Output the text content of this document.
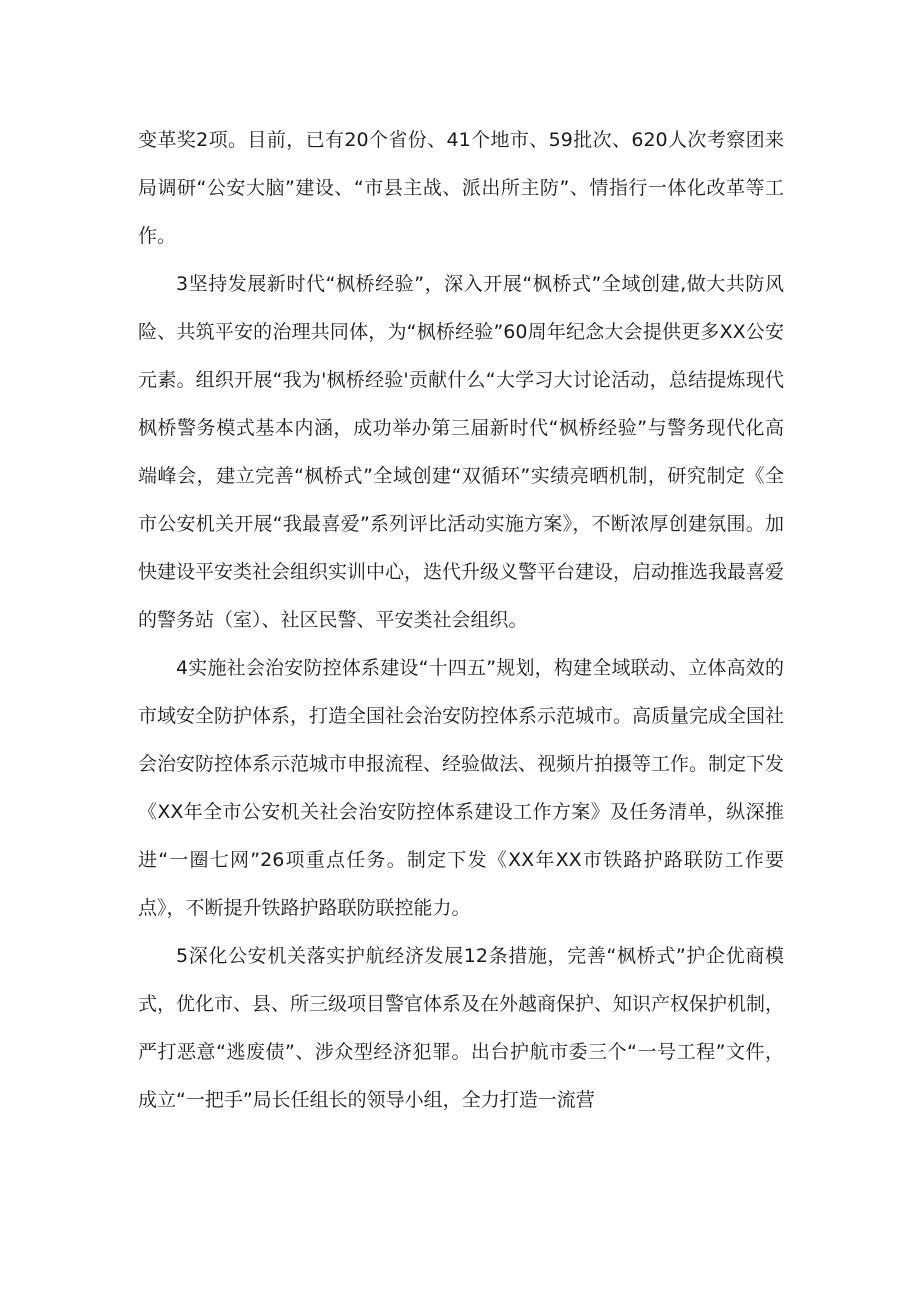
变革奖2项。目前，已有20个省份、41个地市、59批次、620人次考察团来局调研“公安大脑”建设、“市县主战、派出所主防”、情指行一体化改革等工作。

3坚持发展新时代“枫桥经验”，深入开展“枫桥式”全域创建,做大共防风险、共筑平安的治理共同体，为“枫桥经验”60周年纪念大会提供更多XX公安元素。组织开展“我为'枫桥经验'贡献什么“大学习大讨论活动，总结提炼现代枫桥警务模式基本内涵，成功举办第三届新时代“枫桥经验”与警务现代化高端峰会，建立完善“枫桥式”全域创建“双循环”实绩亮晒机制，研究制定《全市公安机关开展“我最喜爱”系列评比活动实施方案》，不断浓厚创建氛围。加快建设平安类社会组织实训中心，迭代升级义警平台建设，启动推选我最喜爱的警务站（室）、社区民警、平安类社会组织。

4实施社会治安防控体系建设“十四五”规划，构建全域联动、立体高效的市域安全防护体系，打造全国社会治安防控体系示范城市。高质量完成全国社会治安防控体系示范城市申报流程、经验做法、视频片拍摄等工作。制定下发《XX年全市公安机关社会治安防控体系建设工作方案》及任务清单，纵深推进“一圈七网”26项重点任务。制定下发《XX年XX市铁路护路联防工作要点》，不断提升铁路护路联防联控能力。

5深化公安机关落实护航经济发展12条措施，完善“枫桥式”护企优商模式，优化市、县、所三级项目警官体系及在外越商保护、知识产权保护机制，严打恶意“逃废债”、涉众型经济犯罪。出台护航市委三个“一号工程”文件，成立“一把手”局长任组长的领导小组，全力打造一流营
